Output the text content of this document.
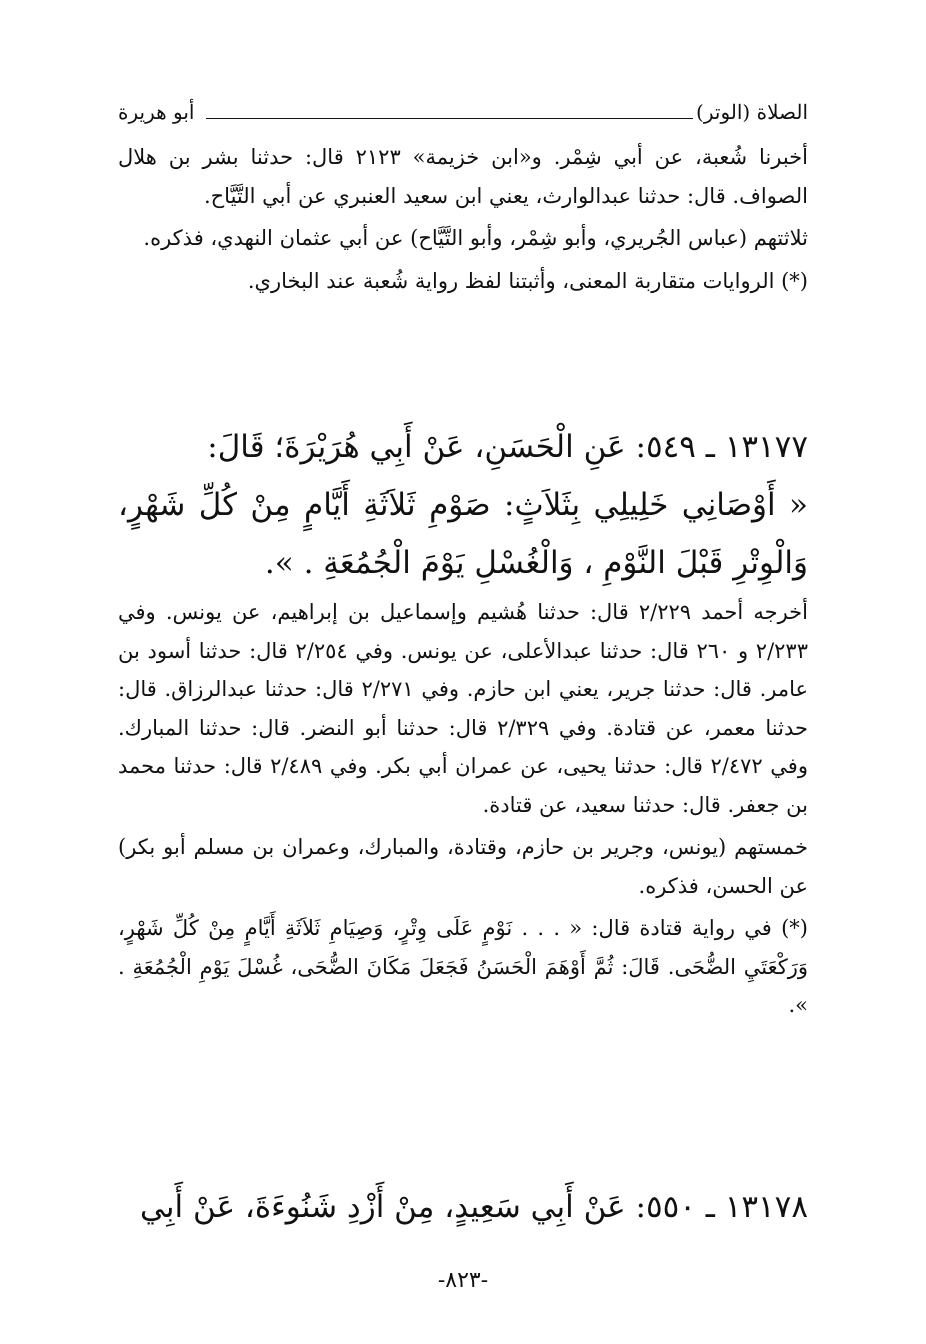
الصلاة (الوتر)
أبو هريرة

أخبرنا شُعبة، عن أبي شِمْر. و«ابن خزيمة» ٢١٢٣ قال: حدثنا بشر بن هلال الصواف. قال: حدثنا عبدالوارث، يعني ابن سعيد العنبري عن أبي التَّيَّاح.

ثلاثتهم (عباس الجُريري، وأبو شِمْر، وأبو التَّيَّاح) عن أبي عثمان النهدي، فذكره.

(*) الروايات متقاربة المعنى، وأثبتنا لفظ رواية شُعبة عند البخاري.

١٣١٧٧ ـ ٥٤٩: عَنِ الْحَسَنِ، عَنْ أَبِي هُرَيْرَةَ؛ قَالَ:

« أَوْصَانِي خَلِيلِي بِثَلاَثٍ: صَوْمِ ثَلاَثَةِ أَيَّامٍ مِنْ كُلِّ شَهْرٍ، وَالْوِتْرِ قَبْلَ النَّوْمِ ، وَالْغُسْلِ يَوْمَ الْجُمُعَةِ . ».

أخرجه أحمد ٢/٢٢٩ قال: حدثنا هُشيم وإسماعيل بن إبراهيم، عن يونس. وفي ٢/٢٣٣ و ٢٦٠ قال: حدثنا عبدالأعلى، عن يونس. وفي ٢/٢٥٤ قال: حدثنا أسود بن عامر. قال: حدثنا جرير، يعني ابن حازم. وفي ٢/٢٧١ قال: حدثنا عبدالرزاق. قال: حدثنا معمر، عن قتادة. وفي ٢/٣٢٩ قال: حدثنا أبو النضر. قال: حدثنا المبارك. وفي ٢/٤٧٢ قال: حدثنا يحيى، عن عمران أبي بكر. وفي ٢/٤٨٩ قال: حدثنا محمد بن جعفر. قال: حدثنا سعيد، عن قتادة.

خمستهم (يونس، وجرير بن حازم، وقتادة، والمبارك، وعمران بن مسلم أبو بكر) عن الحسن، فذكره.

(*) في رواية قتادة قال: « . . . نَوْمٍ عَلَى وِتْرٍ، وَصِيَامِ ثَلاَثَةِ أَيَّامٍ مِنْ كُلِّ شَهْرٍ، وَرَكْعَتَيِ الضُّحَى. قَالَ: ثُمَّ أَوْهَمَ الْحَسَنُ فَجَعَلَ مَكَانَ الضُّحَى، غُسْلَ يَوْمِ الْجُمُعَةِ . ».

١٣١٧٨ ـ ٥٥٠: عَنْ أَبِي سَعِيدٍ، مِنْ أَزْدِ شَنُوءَةَ، عَنْ أَبِي

-٨٢٣-
